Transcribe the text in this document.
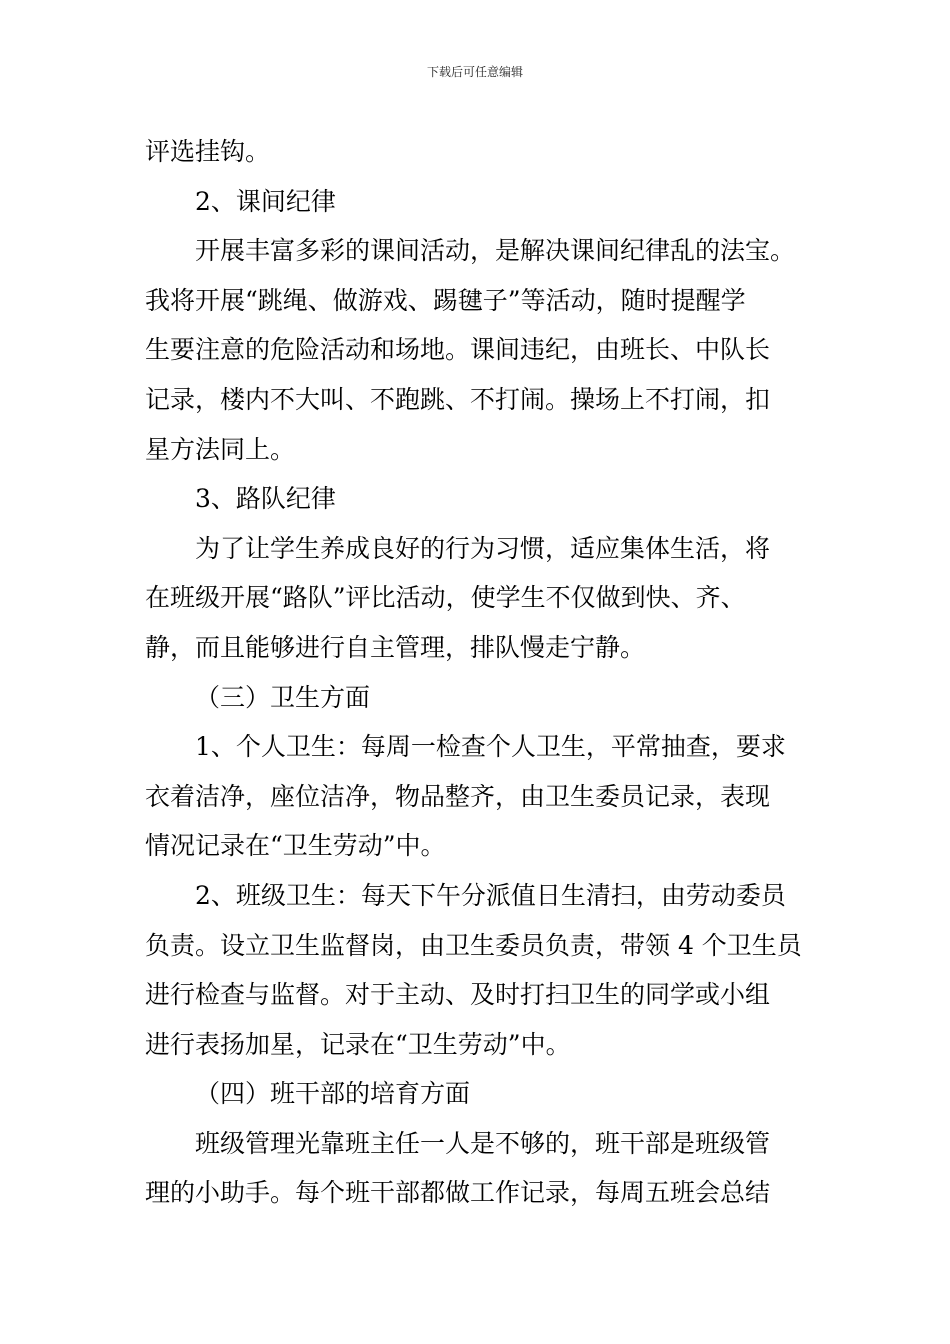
下载后可任意编辑
评选挂钩。
2、课间纪律
开展丰富多彩的课间活动，是解决课间纪律乱的法宝。
我将开展“跳绳、做游戏、踢毽子”等活动，随时提醒学
生要注意的危险活动和场地。课间违纪，由班长、中队长
记录，楼内不大叫、不跑跳、不打闹。操场上不打闹，扣
星方法同上。
3、路队纪律
为了让学生养成良好的行为习惯，适应集体生活，将
在班级开展“路队”评比活动，使学生不仅做到快、齐、
静，而且能够进行自主管理，排队慢走宁静。
（三）卫生方面
1、个人卫生：每周一检查个人卫生，平常抽查，要求
衣着洁净，座位洁净，物品整齐，由卫生委员记录，表现
情况记录在“卫生劳动”中。
2、班级卫生：每天下午分派值日生清扫，由劳动委员
负责。设立卫生监督岗，由卫生委员负责，带领 4 个卫生员
进行检查与监督。对于主动、及时打扫卫生的同学或小组
进行表扬加星，记录在“卫生劳动”中。
（四）班干部的培育方面
班级管理光靠班主任一人是不够的，班干部是班级管
理的小助手。每个班干部都做工作记录，每周五班会总结
